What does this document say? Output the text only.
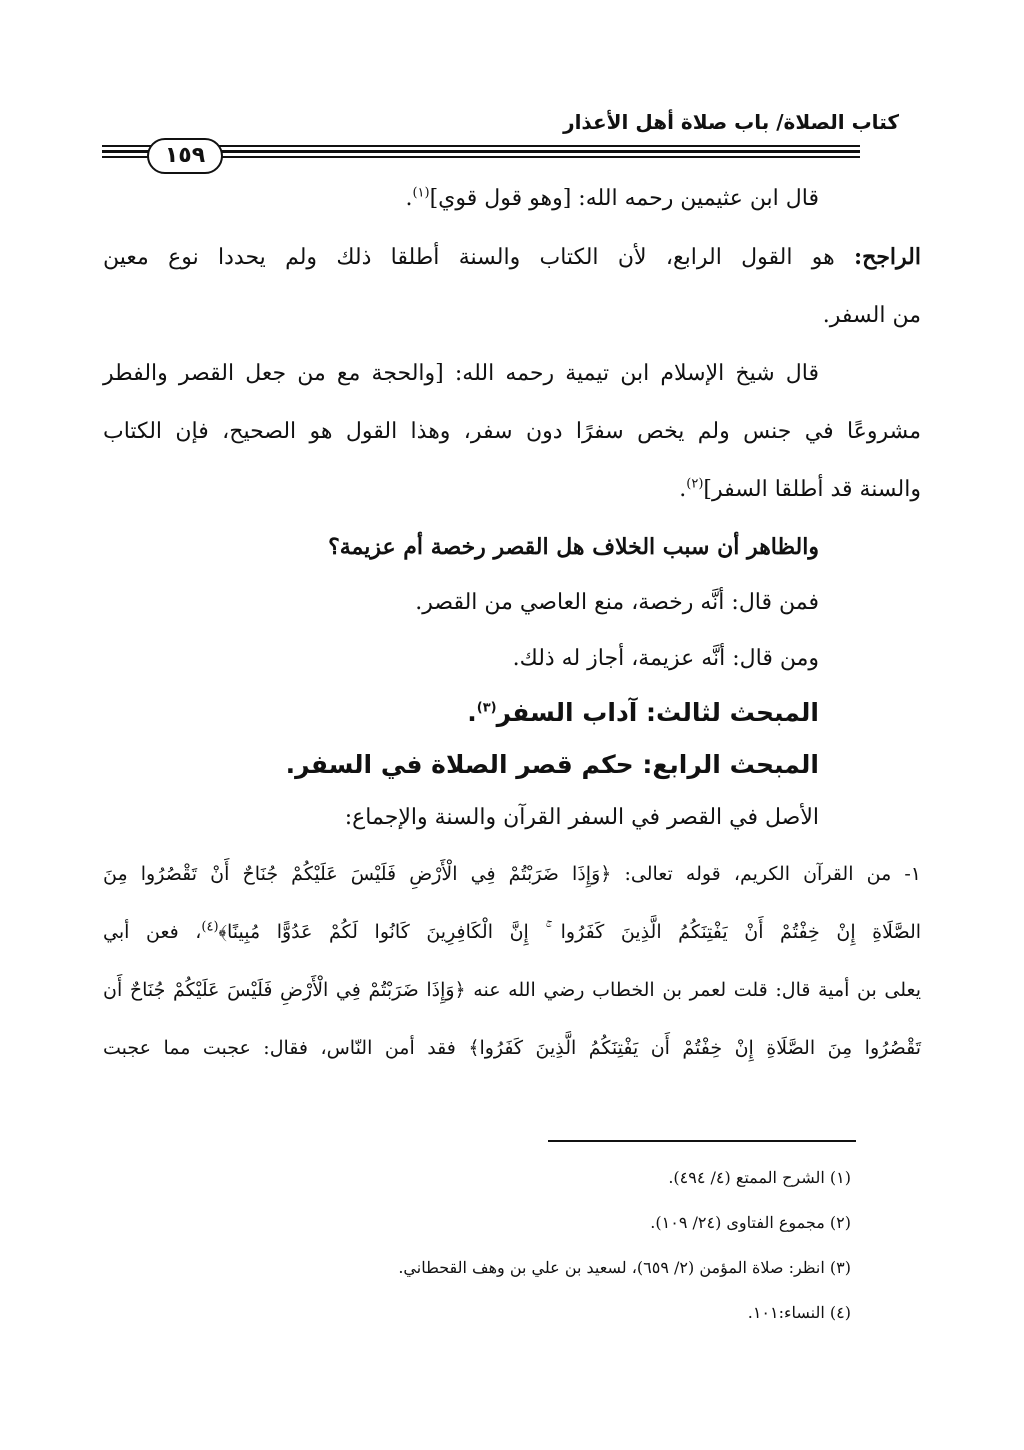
كتاب الصلاة/ باب صلاة أهل الأعذار
١٥٩
قال ابن عثيمين رحمه الله: [وهو قول قوي]$^{(١)}$.
الراجح: هو القول الرابع، لأن الكتاب والسنة أطلقا ذلك ولم يحددا نوع معين
من السفر.
قال شيخ الإسلام ابن تيمية رحمه الله: [والحجة مع من جعل القصر والفطر
مشروعًا في جنس ولم يخص سفرًا دون سفر، وهذا القول هو الصحيح، فإن الكتاب
والسنة قد أطلقا السفر]$^{(٢)}$.
والظاهر أن سبب الخلاف هل القصر رخصة أم عزيمة؟
فمن قال: أنَّه رخصة، منع العاصي من القصر.
ومن قال: أنَّه عزيمة، أجاز له ذلك.
المبحث لثالث: آداب السفر$^{(٣)}$.
المبحث الرابع: حكم قصر الصلاة في السفر.
الأصل في القصر في السفر القرآن والسنة والإجماع:
١- من القرآن الكريم، قوله تعالى: ﴿وَإِذَا ضَرَبْتُمْ فِي الْأَرْضِ فَلَيْسَ عَلَيْكُمْ جُنَاحٌ أَنْ تَقْصُرُوا مِنَ
الصَّلَاةِ إِنْ خِفْتُمْ أَنْ يَفْتِنَكُمُ الَّذِينَ كَفَرُوا ۚ إِنَّ الْكَافِرِينَ كَانُوا لَكُمْ عَدُوًّا مُبِينًا﴾$^{(٤)}$، فعن أبي
يعلى بن أمية قال: قلت لعمر بن الخطاب رضي الله عنه ﴿وَإِذَا ضَرَبْتُمْ فِي الْأَرْضِ فَلَيْسَ عَلَيْكُمْ جُنَاحٌ أَن
تَقْصُرُوا مِنَ الصَّلَاةِ إِنْ خِفْتُمْ أَن يَفْتِنَكُمُ الَّذِينَ كَفَرُوا﴾ فقد أمن النّاس، فقال: عجبت مما عجبت
(١) الشرح الممتع (٤/ ٤٩٤).
(٢) مجموع الفتاوى (٢٤/ ١٠٩).
(٣) انظر: صلاة المؤمن (٢/ ٦٥٩)، لسعيد بن علي بن وهف القحطاني.
(٤) النساء:١٠١.
